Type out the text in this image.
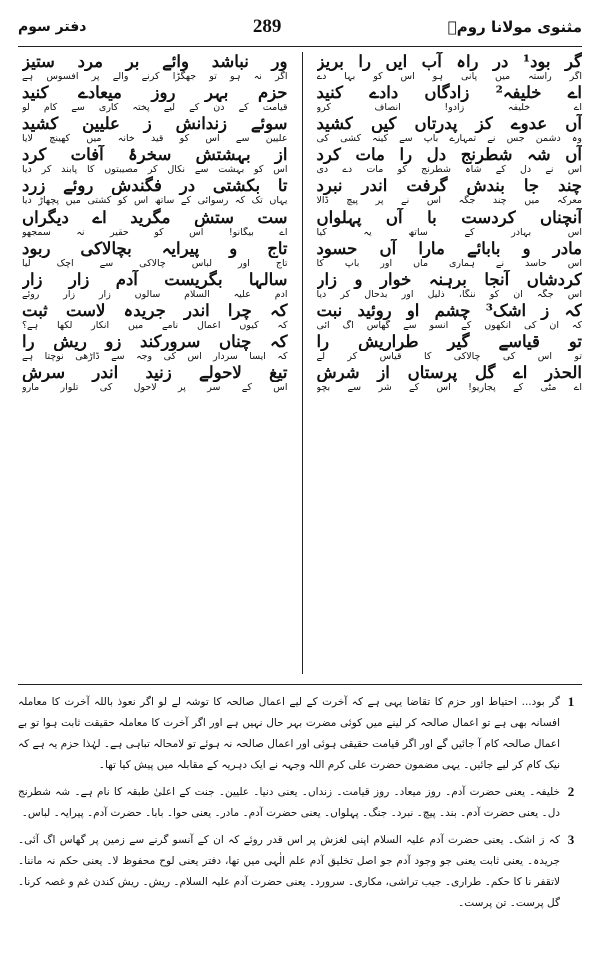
مثنوی مولانا رومؒ
289
دفتر سوم
گر بود¹ در راہ آب ایں را بریز
اگر راستہ میں پانی ہو اس کو بہا دے
اے خلیفہ² زادگاں دادے کنید
اے خلیفہ زادو! انصاف کرو
آں عدوے کز پدرتاں کیں کشید
وہ دشمن جس نے تمہارے باپ سے کینہ کشی کی
آں شہ شطرنج دل را مات کرد
اس نے دل کے شاہ شطرنج کو مات دے دی
چند جا بندش گرفت اندر نبرد
معرکہ میں چند جگہ اس نے پر پیچ ڈالا
آنچناں کردست با آں پہلواں
اس بہادر کے ساتھ یہ کیا
مادر و بابائے مارا آں حسود
اس حاسد نے ہماری ماں اور باپ کا
کردشاں آنجا برہنہ خوار و زار
اس جگہ ان کو ننگا، ذلیل اور بدحال کر دیا
کہ ز اشک³ چشم او روئید نبت
کہ ان کی آنکھوں کے آنسو سے گھاس اگ آئی
تو قیاسے گیر طراریش را
تو اس کی چالاکی کا قیاس کر لے
الحذر اے گل پرستاں از شرش
اے مٹی کے پجاریو! اس کے شر سے بچو
ور نباشد وائے بر مرد ستیز
اگر نہ ہو تو جھگڑا کرنے والے پر افسوس ہے
حزم بہر روز میعادے کنید
قیامت کے دن کے لیے پختہ کاری سے کام لو
سوئے زندانش ز علیین کشید
علیین سے اس کو قید خانہ میں کھینچ لایا
از بہشتش سخرۂ آفات کرد
اس کو بہشت سے نکال کر مصیبتوں کا پابند کر دیا
تا بکشتی در فگندش روئے زرد
یہاں تک کہ رسوائی کے ساتھ اس کو کشتی میں پچھاڑ دیا
ست ستش مگرید اے دیگراں
اے بیگانو! اس کو حقیر نہ سمجھو
تاج و پیرایہ بچالاکی ربود
تاج اور لباس چالاکی سے اچک لیا
سالہا بگریست آدم زار زار
آدم علیہ السلام سالوں زار زار روئے
کہ چرا اندر جریدہ لاست ثبت
کہ کیوں اعمال نامے میں انکار لکھا ہے؟
کہ چناں سرورکند زو ریش را
کہ ایسا سردار اس کی وجہ سے ڈاڑھی نوچتا ہے
تیغ لاحولے زنید اندر سرش
اس کے سر پر لاحول کی تلوار مارو
1
گر بود... احتیاط اور حزم کا تقاضا یہی ہے کہ آخرت کے لیے اعمال صالحہ کا توشہ لے لو اگر نعوذ باللہ آخرت کا معاملہ افسانہ بھی ہے تو اعمال صالحہ کر لینے میں کوئی مضرت بہر حال نہیں ہے اور اگر آخرت کا معاملہ حقیقت ثابت ہوا تو بے اعمال صالحہ کام آ جائیں گے اور اگر قیامت حقیقی ہوئی اور اعمال صالحہ نہ ہوئے تو لامحالہ تباہی ہے۔ لہٰذا حزم یہ ہے کہ نیک کام کر لیے جائیں۔ یہی مضمون حضرت علی کرم اللہ وجہہ نے ایک دہریہ کے مقابلہ میں پیش کیا تھا۔
2
خلیفہ۔ یعنی حضرت آدم۔ روز میعاد۔ روز قیامت۔ زنداں۔ یعنی دنیا۔ علیین۔ جنت کے اعلیٰ طبقہ کا نام ہے۔ شہ شطرنج دل۔ یعنی حضرت آدم۔ بند۔ پیچ۔ نبرد۔ جنگ۔ پہلواں۔ یعنی حضرت آدم۔ مادر۔ یعنی حوا۔ بابا۔ حضرت آدم۔ پیرایہ۔ لباس۔
3
کہ ز اشک۔ یعنی حضرت آدم علیہ السلام اپنی لغزش پر اس قدر روئے کہ ان کے آنسو گرنے سے زمین پر گھاس اگ آئی۔ جریدہ۔ یعنی ثابت یعنی جو وجود آدم جو اصل تخلیق آدم علم الٰہی میں تھا، دفتر یعنی لوح محفوظ لا۔ یعنی حکم نہ ماننا۔ لاتقفر نا کا حکم۔ طراری۔ جیب تراشی، مکاری۔ سرورد۔ یعنی حضرت آدم علیہ السلام۔ ریش۔ ریش کندن غم و غصہ کرنا۔ گل پرست۔ تن پرست۔
